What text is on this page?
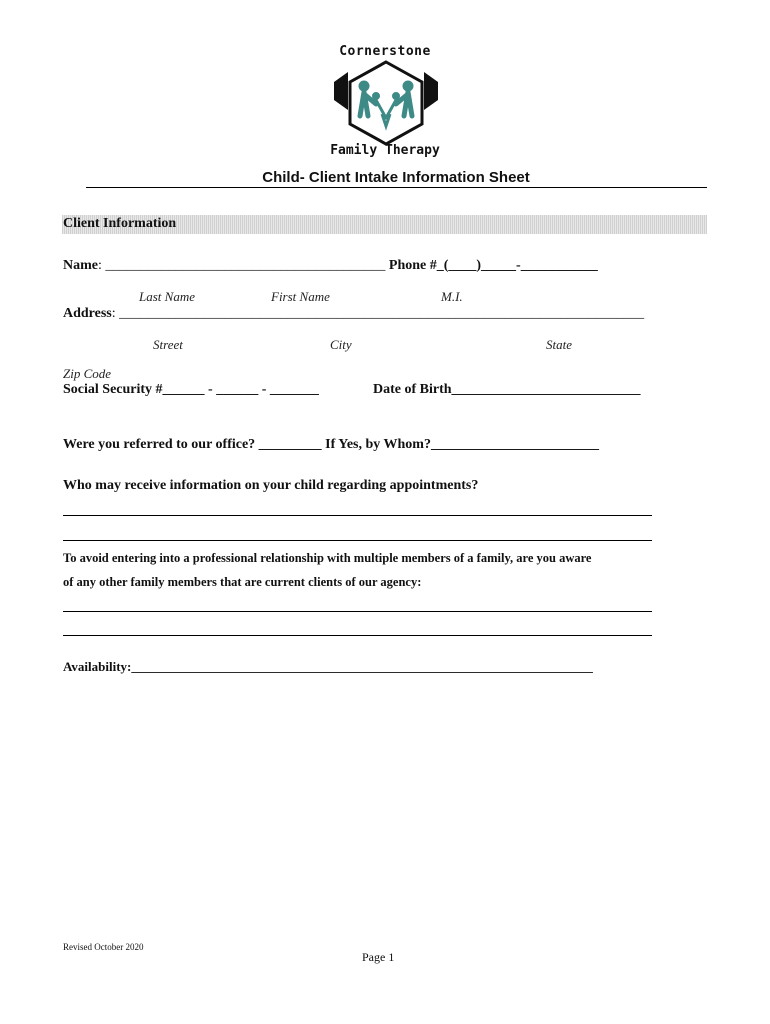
Cornerstone
Family Therapy
Child- Client Intake Information Sheet
Client Information
Name: ________________________________________ Phone #_(____)_____-___________
Last Name	First Name	M.I.
Address: ___________________________________________________________________________
Street	City	State
Zip Code
Social Security #______ - ______ - _______	Date of Birth___________________________
Were you referred to our office? _________ If Yes, by Whom?________________________
Who may receive information on your child regarding appointments?
To avoid entering into a professional relationship with multiple members of a family, are you aware
of any other family members that are current clients of our agency:
Availability:_______________________________________________________________________
Revised October 2020
Page 1
